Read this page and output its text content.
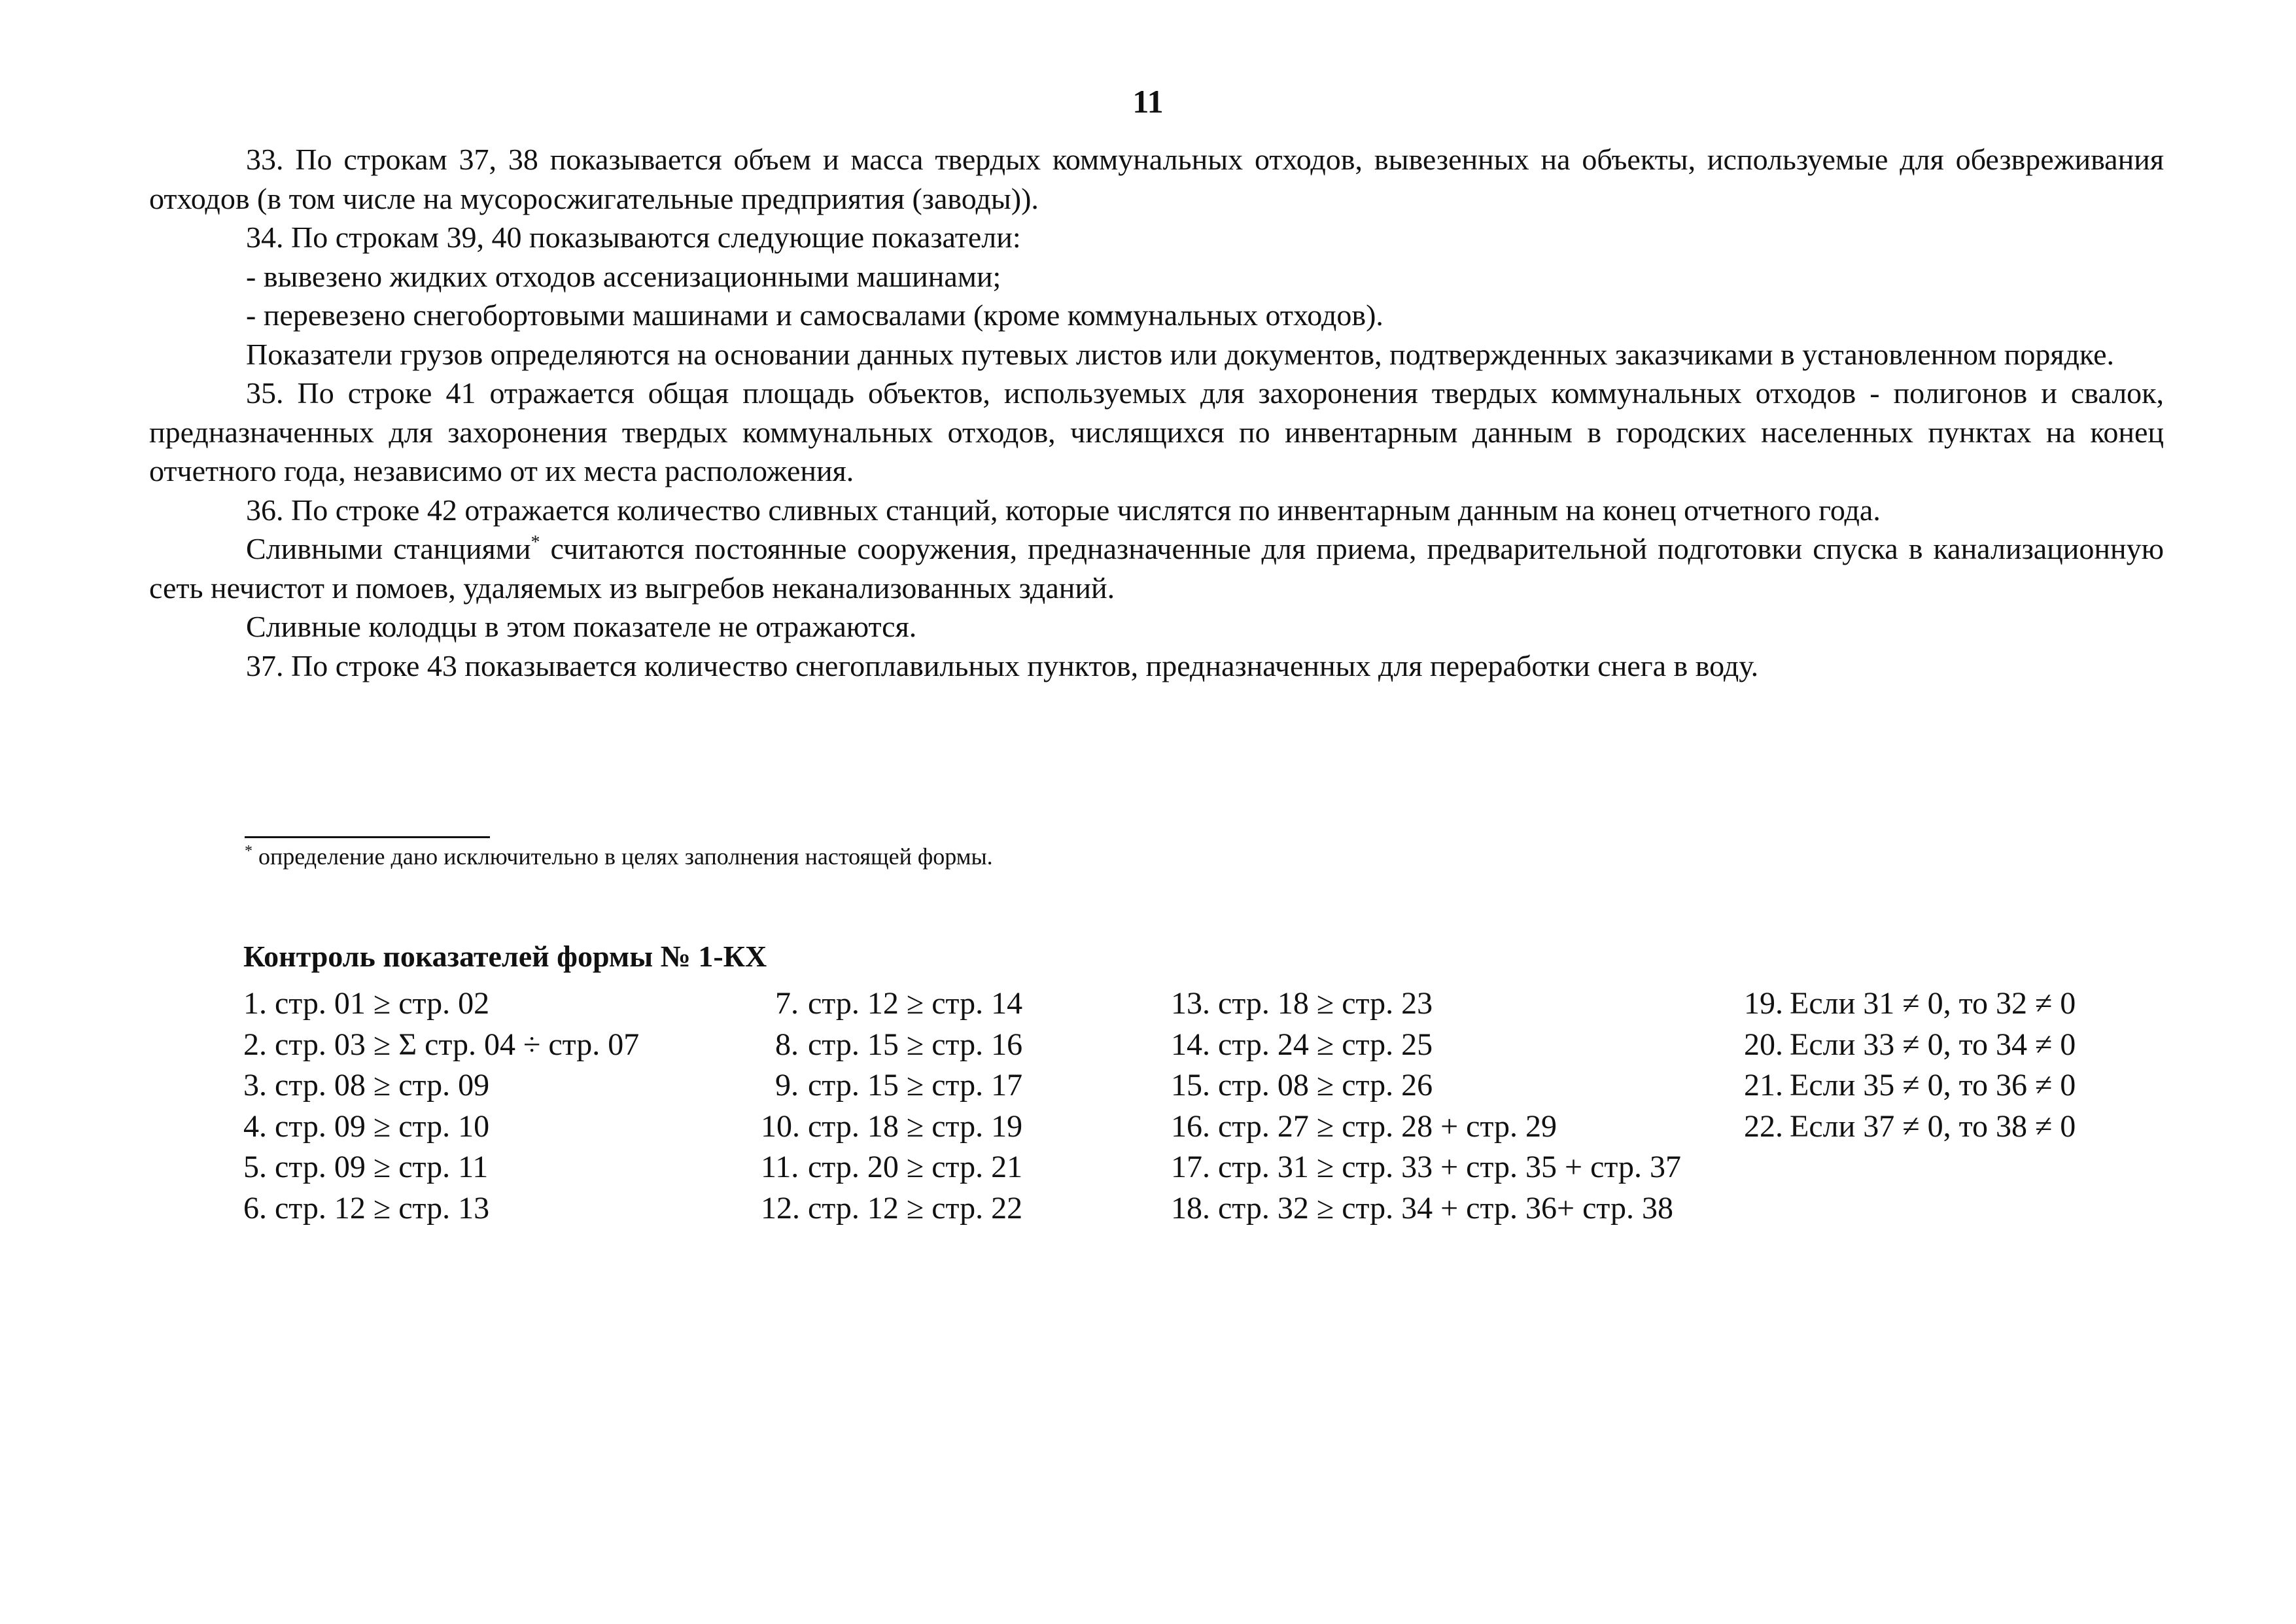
11

33. По строкам 37, 38 показывается объем и масса твердых коммунальных отходов, вывезенных на объекты, используемые для обезвреживания отходов (в том числе на мусоросжигательные предприятия (заводы)).

34. По строкам 39, 40 показываются следующие показатели:

- вывезено жидких отходов ассенизационными машинами;

- перевезено снегобортовыми машинами и самосвалами (кроме коммунальных отходов).

Показатели грузов определяются на основании данных путевых листов или документов, подтвержденных заказчиками в установленном порядке.

35. По строке 41 отражается общая площадь объектов, используемых для захоронения твердых коммунальных отходов - полигонов и свалок, предназначенных для захоронения твердых коммунальных отходов, числящихся по инвентарным данным в городских населенных пунктах на конец отчетного года, независимо от их места расположения.

36. По строке 42 отражается количество сливных станций, которые числятся по инвентарным данным на конец отчетного года.

Сливными станциями* считаются постоянные сооружения, предназначенные для приема, предварительной подготовки спуска в канализационную сеть нечистот и помоев, удаляемых из выгребов неканализованных зданий.

Сливные колодцы в этом показателе не отражаются.

37. По строке 43 показывается количество снегоплавильных пунктов, предназначенных для переработки снега в воду.

* определение дано исключительно в целях заполнения настоящей формы.
Контроль показателей формы № 1-КХ
1. стр. 01 ≥ стр. 02
2. стр. 03 ≥ Σ стр. 04 ÷ стр. 07
3. стр. 08 ≥ стр. 09
4. стр. 09 ≥ стр. 10
5. стр. 09 ≥ стр. 11
6. стр. 12 ≥ стр. 13
7. стр. 12 ≥ стр. 14
8. стр. 15 ≥ стр. 16
9. стр. 15 ≥ стр. 17
10. стр. 18 ≥ стр. 19
11. стр. 20 ≥ стр. 21
12. стр. 12 ≥ стр. 22
13. стр. 18 ≥ стр. 23
14. стр. 24 ≥ стр. 25
15. стр. 08 ≥ стр. 26
16. стр. 27 ≥ стр. 28 + стр. 29
17. стр. 31 ≥ стр. 33 + стр. 35 + стр. 37
18. стр. 32 ≥ стр. 34 + стр. 36+ стр. 38
19. Если 31 ≠ 0, то 32 ≠ 0
20. Если 33 ≠ 0, то 34 ≠ 0
21. Если 35 ≠ 0, то 36 ≠ 0
22. Если 37 ≠ 0, то 38 ≠ 0
